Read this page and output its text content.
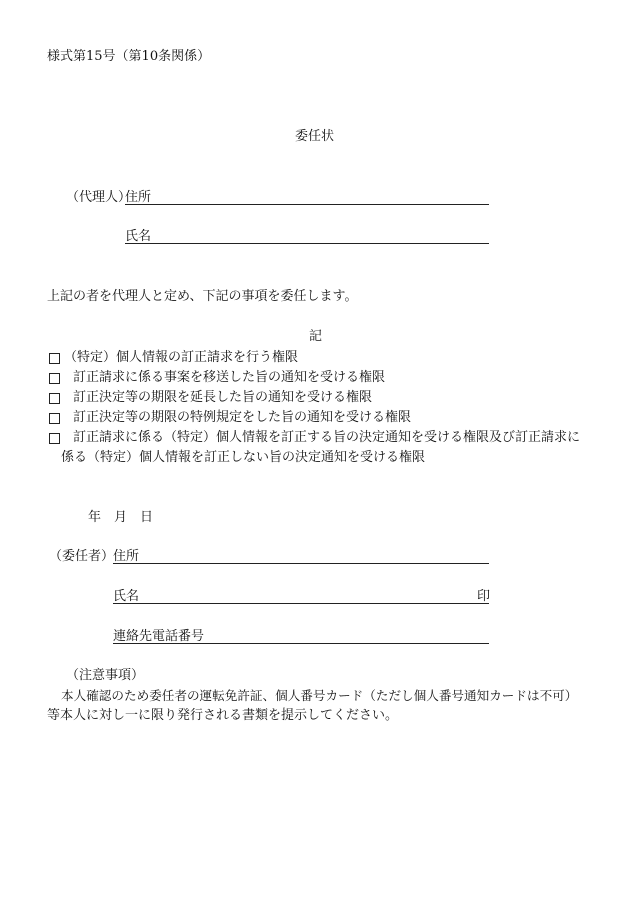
様式第15号（第10条関係）
委任状
（代理人）
住所
氏名
上記の者を代理人と定め、下記の事項を委任します。
記
（特定）個人情報の訂正請求を行う権限
訂正請求に係る事案を移送した旨の通知を受ける権限
訂正決定等の期限を延長した旨の通知を受ける権限
訂正決定等の期限の特例規定をした旨の通知を受ける権限
訂正請求に係る（特定）個人情報を訂正する旨の決定通知を受ける権限及び訂正請求に
係る（特定）個人情報を訂正しない旨の決定通知を受ける権限
年 月 日
（委任者）
住所
氏名	印
連絡先電話番号
（注意事項）
本人確認のため委任者の運転免許証、個人番号カード（ただし個人番号通知カードは不可）
等本人に対し一に限り発行される書類を提示してください。
